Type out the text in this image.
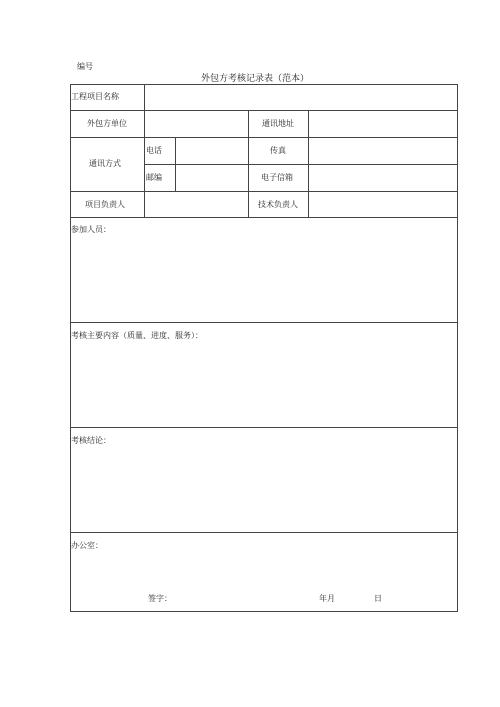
编号
外包方考核记录表（范本）
工程项目名称
外包方单位	通讯地址
通讯方式
电话	传真
邮编	电子信箱
项目负责人	技术负责人
参加人员：
考核主要内容（质量、进度、服务）：
考核结论：
办公室：
签字：	年月	日
